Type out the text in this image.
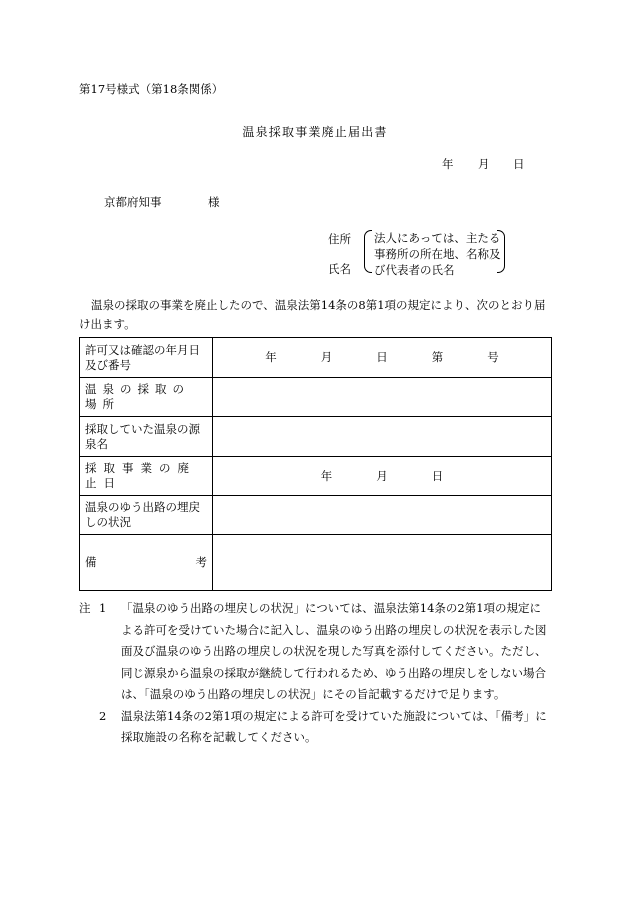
第17号様式（第18条関係）
温泉採取事業廃止届出書
年 月 日
京都府知事	様
住所
氏名
法人にあっては、主たる
事務所の所在地、名称及
び代表者の氏名
温泉の採取の事業を廃止したので、温泉法第14条の8第1項の規定により、次のとおり届け出ます。
許可又は確認の年月日及び番号	年 月 日 第 号

温泉の採取の場所	

採取していた温泉の源泉名	

採取事業の廃止日	年 月 日

温泉のゆう出路の埋戻しの状況	

備 考	

注 1 「温泉のゆう出路の埋戻しの状況」については、温泉法第14条の2第1項の規定による許可を受けていた場合に記入し、温泉のゆう出路の埋戻しの状況を表示した図面及び温泉のゆう出路の埋戻しの状況を現した写真を添付してください。ただし、同じ源泉から温泉の採取が継続して行われるため、ゆう出路の埋戻しをしない場合は、「温泉のゆう出路の埋戻しの状況」にその旨記載するだけで足ります。
2 温泉法第14条の2第1項の規定による許可を受けていた施設については、「備考」に採取施設の名称を記載してください。
